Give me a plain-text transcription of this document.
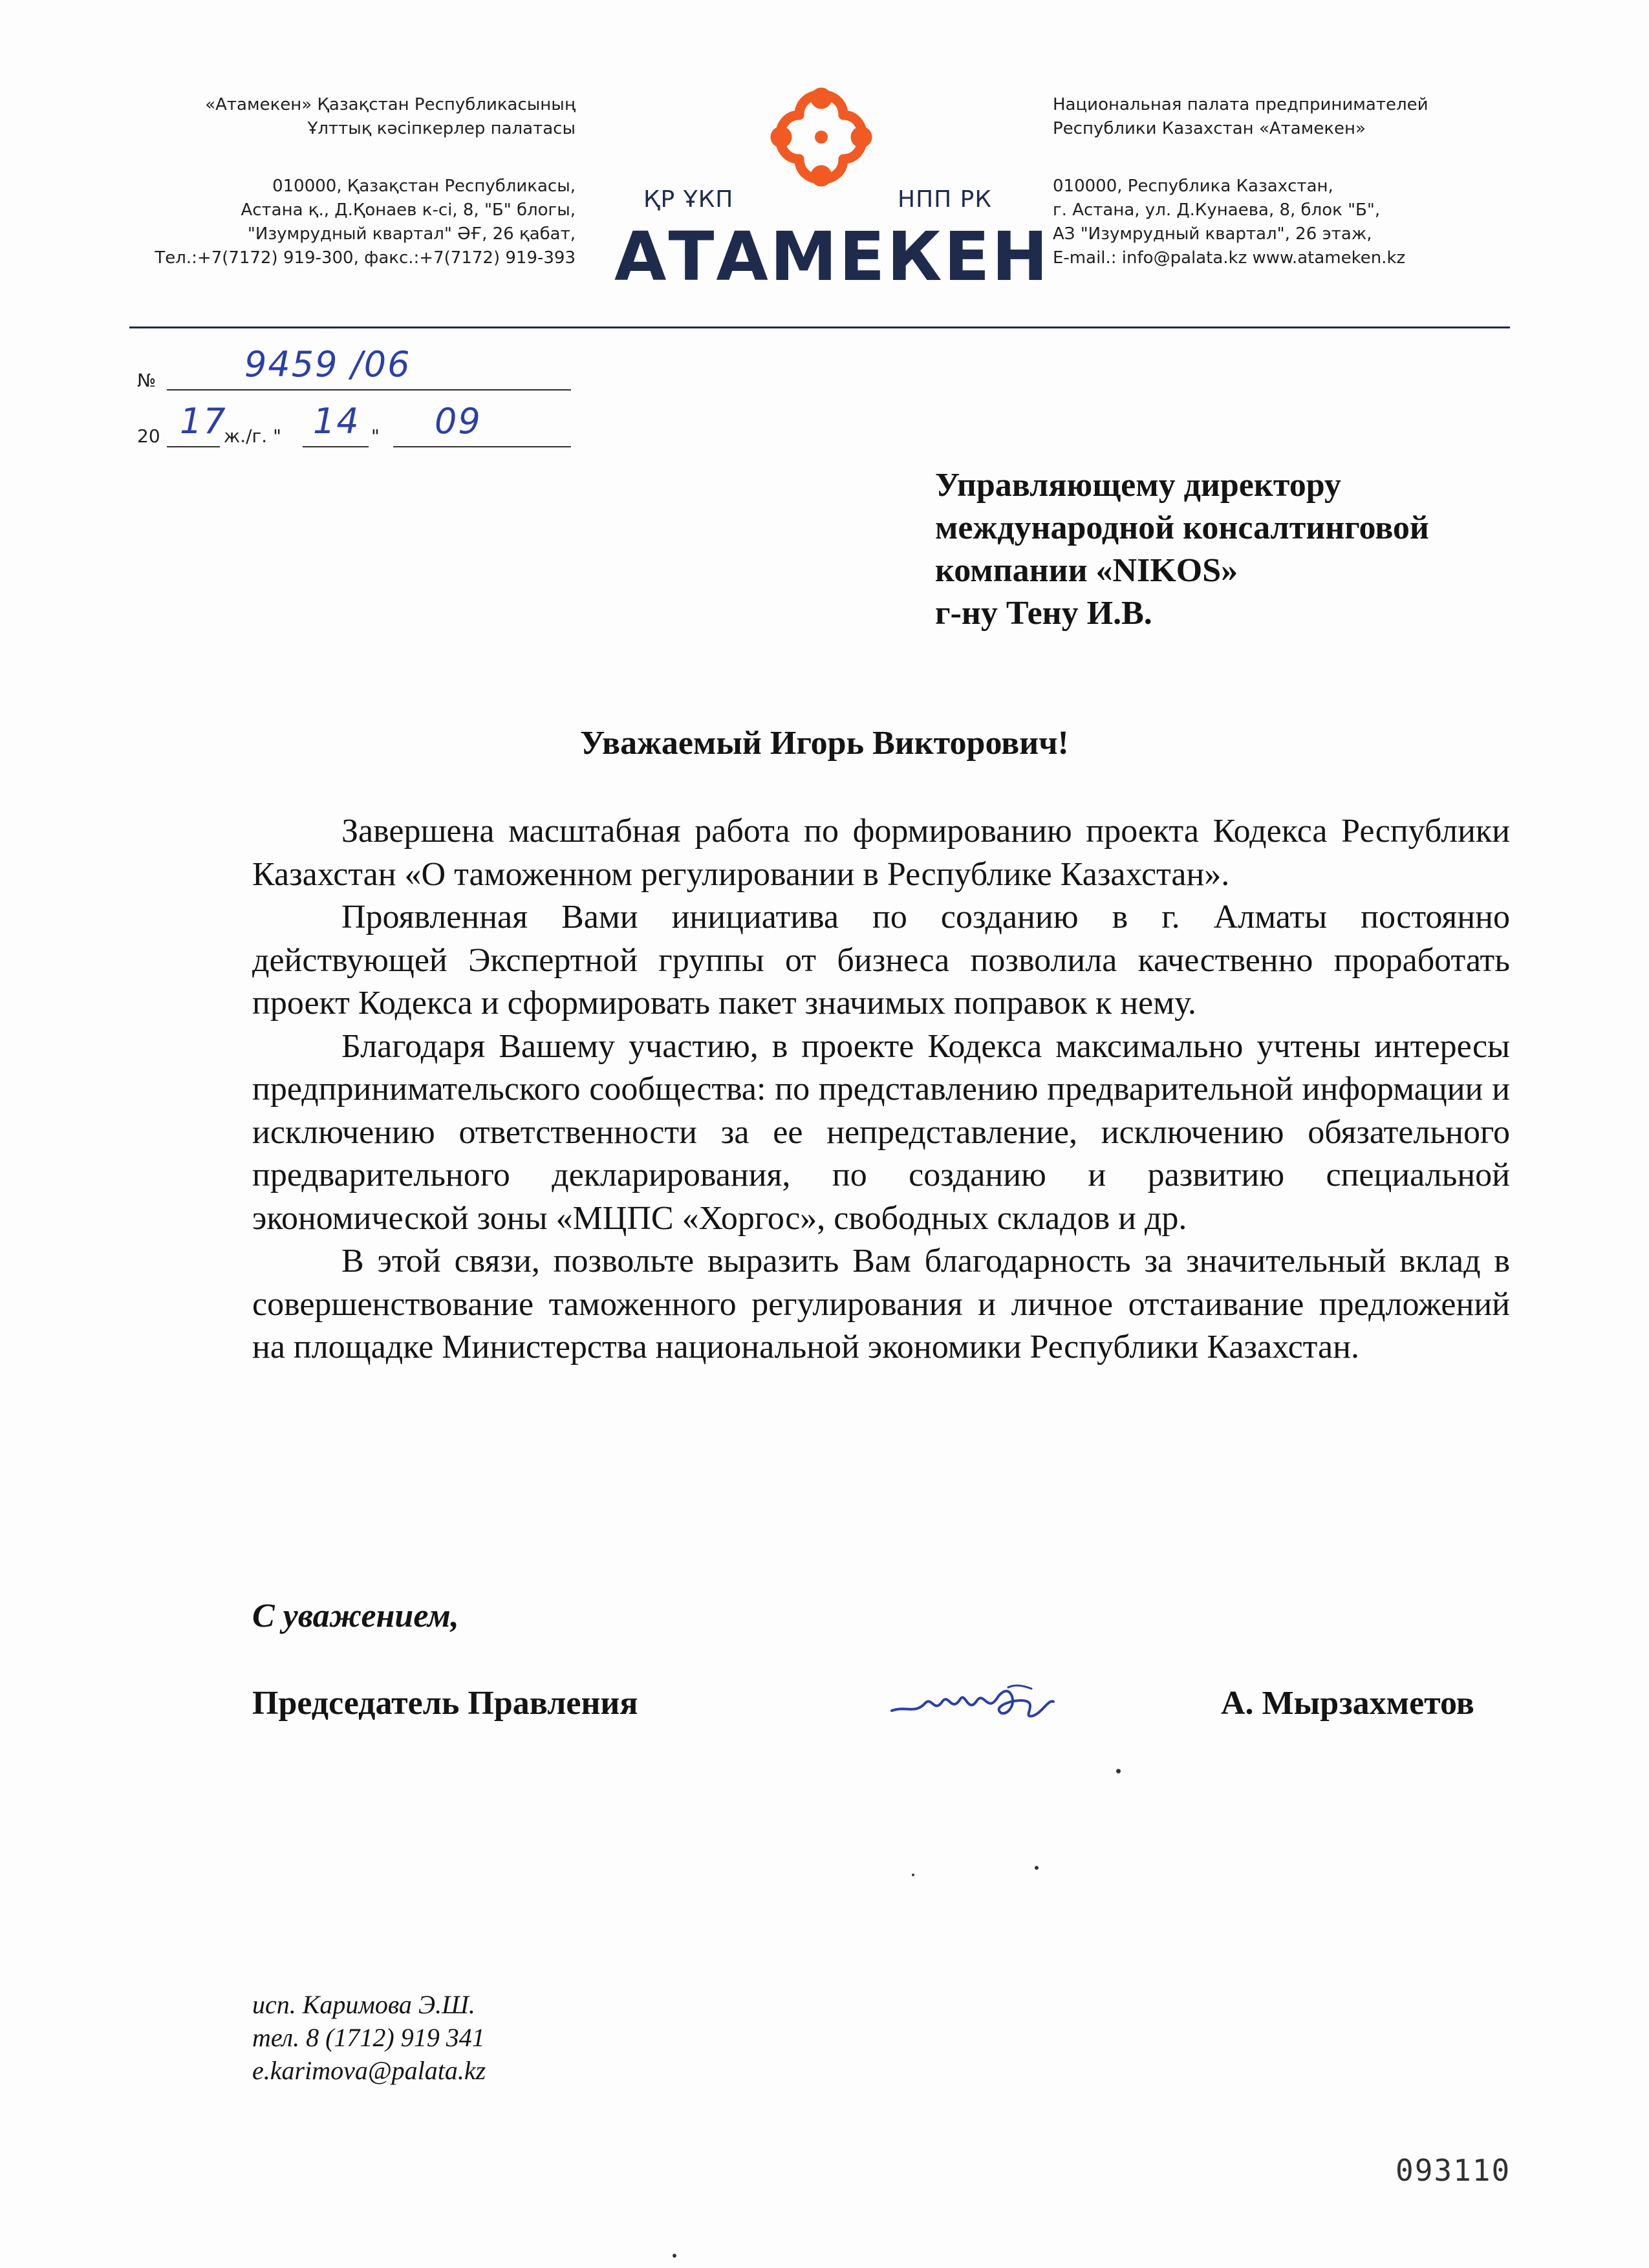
«Атамекен» Қазақстан Республикасының
Ұлттық кәсіпкерлер палатасы
010000, Қазақстан Республикасы,
Астана қ., Д.Қонаев к-сі, 8, "Б" блогы,
"Изумрудный квартал" ӘҒ, 26 қабат,
Тел.:+7(7172) 919-300, факс.:+7(7172) 919-393
ҚР ҰКП	НПП РК
АТАМЕКЕН
Национальная палата предпринимателей
Республики Казахстан «Атамекен»
010000, Республика Казахстан,
г. Астана, ул. Д.Кунаева, 8, блок "Б",
АЗ "Изумрудный квартал", 26 этаж,
E-mail.: info@palata.kz www.atameken.kz
№	9459 /06
20 17
ж./г. " 14 " 09
Управляющему директору
международной консалтинговой
компании «NIKOS»
г-ну Тену И.В.
Уважаемый Игорь Викторович!

Завершена масштабная работа по формированию проекта Кодекса Республики Казахстан «О таможенном регулировании в Республике Казахстан».

Проявленная Вами инициатива по созданию в г. Алматы постоянно действующей Экспертной группы от бизнеса позволила качественно проработать проект Кодекса и сформировать пакет значимых поправок к нему.

Благодаря Вашему участию, в проекте Кодекса максимально учтены интересы предпринимательского сообщества: по представлению предварительной информации и исключению ответственности за ее непредставление, исключению обязательного предварительного декларирования, по созданию и развитию специальной экономической зоны «МЦПС «Хоргос», свободных складов и др.

В этой связи, позвольте выразить Вам благодарность за значительный вклад в совершенствование таможенного регулирования и личное отстаивание предложений на площадке Министерства национальной экономики Республики Казахстан.

С уважением,
Председатель Правления	А. Мырзахметов
исп. Каримова Э.Ш.
тел. 8 (1712) 919 341
e.karimova@palata.kz
093110
